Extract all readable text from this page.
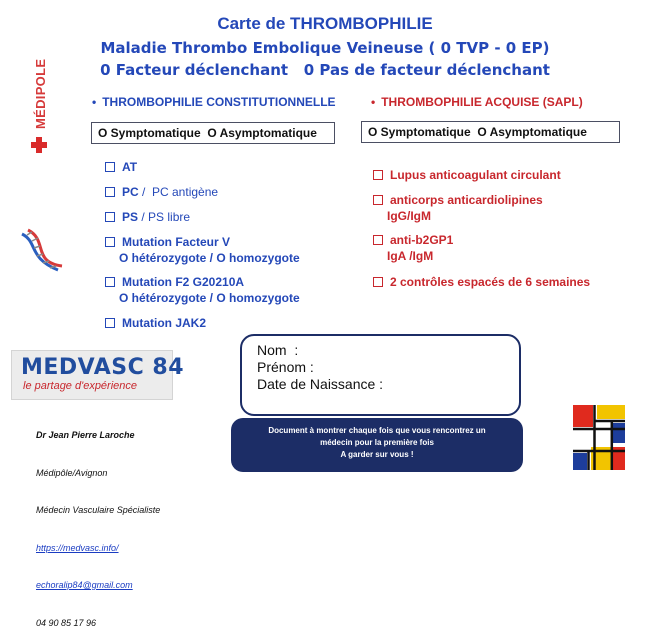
Carte de THROMBOPHILIE
Maladie Thrombo Embolique Veineuse ( 0 TVP - 0 EP)
0 Facteur déclenchant   0 Pas de facteur déclenchant
MÉDIPOLE	• THROMBOPHILIE CONSTITUTIONNELLE	• THROMBOPHILIE ACQUISE (SAPL)
O Symptomatique  O Asymptomatique	O Symptomatique  O Asymptomatique
AT
PC /  PC antigène
PS / PS libre
Mutation Facteur V
O hétérozygote / O homozygote
Mutation F2 G20210A
O hétérozygote / O homozygote
Mutation JAK2
Lupus anticoagulant circulant
anticorps anticardiolipines
IgG/IgM
anti-b2GP1
IgA /IgM
2 contrôles espacés de 6 semaines
MEDVASC 84
le partage d'expérience

Dr Jean Pierre Laroche

Médipôle/Avignon

Médecin Vasculaire Spécialiste

https://medvasc.info/

echoralip84@gmail.com

04 90 85 17 96

Nom  :
Prénom :
Date de Naissance :
Document à montrer chaque fois que vous rencontrez un
médecin pour la première fois
A garder sur vous !
